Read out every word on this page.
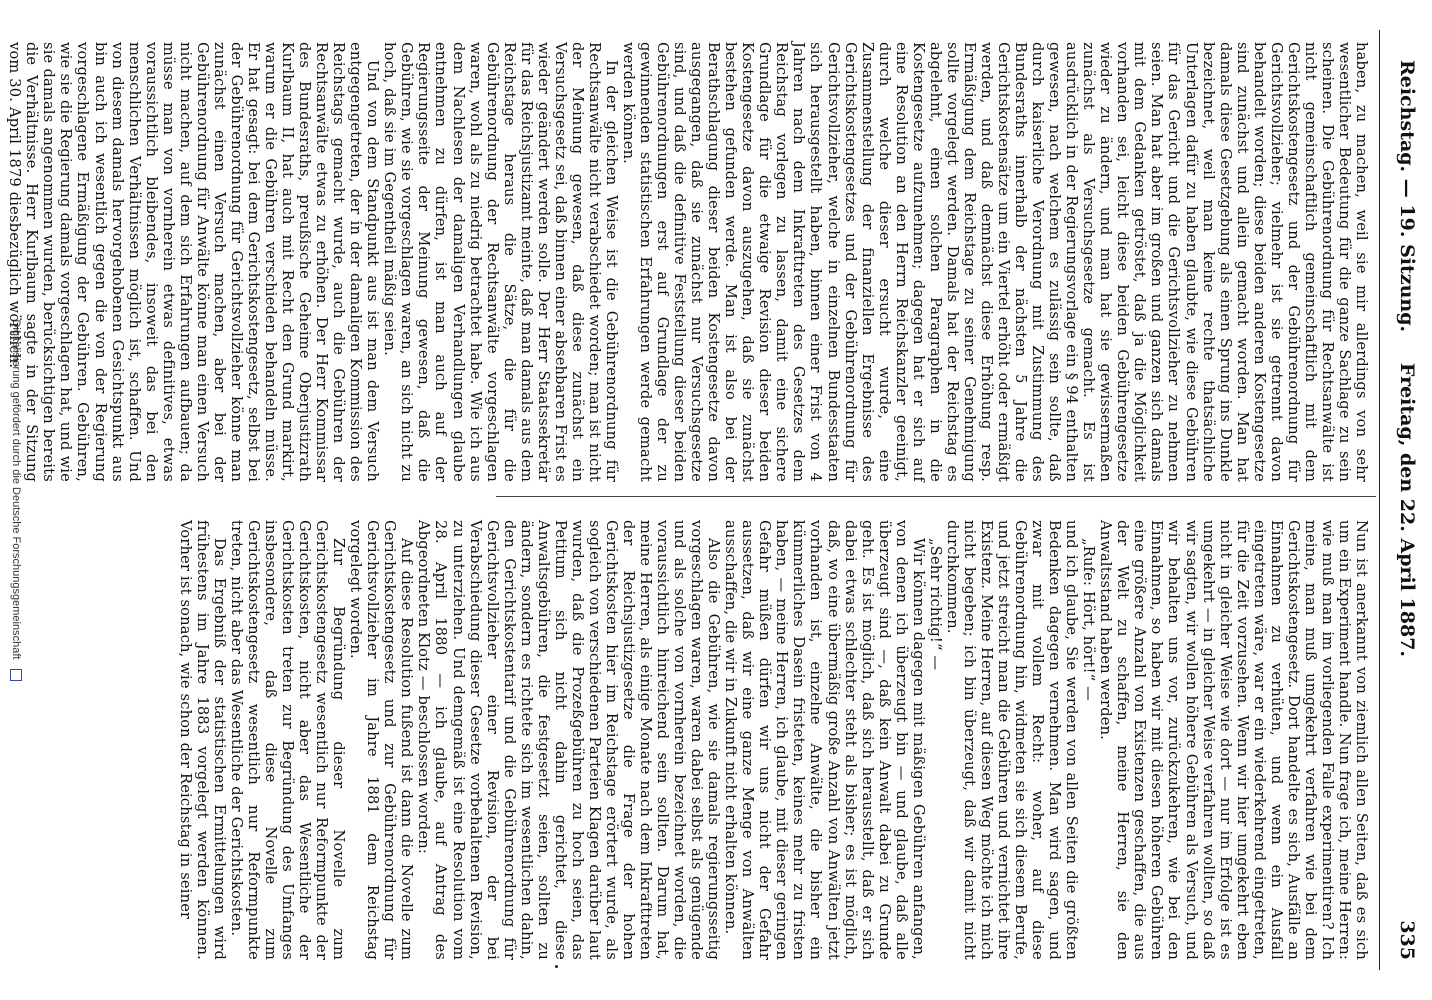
Reichstag. — 19. Sitzung.
Freitag, den 22. April 1887.
335

haben, zu machen, weil sie mir allerdings von sehr wesentlicher Bedeutung für die ganze Sachlage zu sein scheinen. Die Gebührenordnung für Rechtsanwälte ist nicht gemeinschaftlich gemeinschaftlich mit dem Gerichtskostengesetz und der Gebührenordnung für Gerichtsvollzieher; vielmehr ist sie getrennt davon behandelt worden; diese beiden anderen Kostengesetze sind zunächst und allein gemacht worden. Man hat damals diese Gesetzgebung als einen Sprung ins Dunkle bezeichnet, weil man keine rechte thatsächliche Unterlagen dafür zu haben glaubte, wie diese Gebühren für das Gericht und die Gerichtsvollzieher zu nehmen seien. Man hat aber im großen und ganzen sich damals mit dem Gedanken getröstet, daß ja die Möglichkeit vorhanden sei, leicht diese beiden Gebührengesetze wieder zu ändern, und man hat sie gewissermaßen zunächst als Versuchsgesetze gemacht. Es ist ausdrücklich in der Regierungsvorlage ein § 94 enthalten gewesen, nach welchem es zulässig sein sollte, daß durch kaiserliche Verordnung mit Zustimmung des Bundesraths innerhalb der nächsten 5 Jahre die Gerichtskostensätze um ein Viertel erhöht oder ermäßigt werden, und daß demnächst diese Erhöhung resp. Ermäßigung dem Reichstage zu seiner Genehmigung sollte vorgelegt werden. Damals hat der Reichstag es abgelehnt, einen solchen Paragraphen in die Kostengesetze aufzunehmen; dagegen hat er sich auf eine Resolution an den Herrn Reichskanzler geeinigt, durch welche dieser ersucht wurde, eine Zusammenstellung der finanziellen Ergebnisse des Gerichtskostengesetzes und der Gebührenordnung für Gerichtsvollzieher, welche in einzelnen Bundesstaaten sich herausgestellt haben, binnen einer Frist von 4 Jahren nach dem Inkrafttreten des Gesetzes dem Reichstag vorlegen zu lassen, damit eine sichere Grundlage für die etwaige Revision dieser beiden Kostengesetze davon auszugehen, daß sie zunächst bestehen gefunden werde. Man ist also bei der Berathschlagung dieser beiden Kostengesetze davon ausgegangen, daß sie zunächst nur Versuchsgesetze sind, und daß die definitive Feststellung dieser beiden Gebührenordnungen erst auf Grundlage der zu gewinnenden statistischen Erfahrungen werde gemacht werden können.

In der gleichen Weise ist die Gebührenordnung für Rechtsanwälte nicht verabschiedet worden; man ist nicht der Meinung gewesen, daß diese zunächst ein Versuchsgesetz sei, daß binnen einer absehbaren Frist es wieder geändert werden solle. Der Herr Staatssekretär für das Reichsjustizamt meinte, daß man damals aus dem Reichstage heraus die Sätze, die für die Gebührenordnung der Rechtsanwälte vorgeschlagen waren, wohl als zu niedrig betrachtet habe. Wie ich aus dem Nachlesen der damaligen Verhandlungen glaube entnehmen zu dürfen, ist man auch auf der Regierungsseite der Meinung gewesen, daß die Gebühren, wie sie vorgeschlagen waren, an sich nicht zu hoch, daß sie im Gegentheil mäßig seien.

Und von dem Standpunkt aus ist man dem Versuch entgegengetreten, der in der damaligen Kommission des Reichstags gemacht wurde, auch die Gebühren der Rechtsanwälte etwas zu erhöhen. Der Herr Kommissar des Bundesraths, preußische Geheime Oberjustizrath Kurlbaum II, hat auch mit Recht den Grund markirt, warum er die Gebühren verschieden behandeln müsse. Er hat gesagt: bei dem Gerichtskostengesetz, selbst bei der Gebührenordnung für Gerichtsvollzieher könne man zunächst einen Versuch machen, aber bei der Gebührenordnung für Anwälte könne man einen Versuch nicht machen, auf dem sich Erfahrungen aufbauen; da müsse man von vornherein etwas definitives, etwas voraussichtlich bleibendes, insoweit das bei den menschlichen Verhältnissen möglich ist, schaffen. Und von diesem damals hervorgehobenen Gesichtspunkt aus bin auch ich wesentlich gegen die von der Regierung vorgeschlagene Ermäßigung der Gebühren. Gebühren, wie sie die Regierung damals vorgeschlagen hat, und wie sie damals angenommen wurden, berücksichtigen bereits die Verhältnisse. Herr Kurlbaum sagte in der Sitzung vom 30. April 1879 diesbezüglich wörtlich:

Nun ist anerkannt von ziemlich allen Seiten, daß es sich um ein Experiment handle. Nun frage ich, meine Herren: wie muß man im vorliegenden Falle experimentiren? Ich meine, man muß umgekehrt verfahren wie bei dem Gerichtskostengesetz. Dort handelte es sich, Ausfälle an Einnahmen zu verhüten, und wenn ein Ausfall eingetreten wäre, war er ein wiederkehrend eingetreten, für die Zeit vorzusehen. Wenn wir hier umgekehrt eben nicht in gleicher Weise wie dort — nur im Erfolge ist es umgekehrt — in gleicher Weise verfahren wollten, so daß wir sagten, wir wollen höhere Gebühren als Versuch, und wir behalten uns vor, zurückzukehren, wie bei den Einnahmen, so haben wir mit diesen höheren Gebühren eine größere Anzahl von Existenzen geschaffen, die aus der Welt zu schaffen, meine Herren, sie den Anwaltsstand haben werden.

„Rufe: Hört, hört!“ —

und ich glaube, Sie werden von allen Seiten die größten Bedenken dagegen vernehmen. Man wird sagen, und zwar mit vollem Recht: woher, auf diese Gebührenordnung hin, widmeten sie sich diesem Berufe, und jetzt streicht man die Gebühren und vernichtet ihre Existenz. Meine Herren, auf diesen Weg möchte ich mich nicht begeben; ich bin überzeugt, daß wir damit nicht durchkommen.

„Sehr richtig!“ —

Wir können dagegen mit mäßigen Gebühren anfangen, von denen ich überzeugt bin — und glaube, daß alle überzeugt sind —, daß kein Anwalt dabei zu Grunde geht. Es ist möglich, daß sich herausstellt, daß er sich dabei etwas schlechter steht als bisher; es ist möglich, daß, wo eine übermäßig große Anzahl von Anwälten jetzt vorhanden ist, einzelne Anwälte, die bisher ein kümmerliches Dasein fristeten, keines mehr zu fristen haben, — meine Herren, ich glaube, mit dieser geringen Gefahr müßen dürfen wir uns nicht der Gefahr aussetzen, daß wir eine ganze Menge von Anwälten ausschaffen, die wir in Zukunft nicht erhalten können.

Also die Gebühren, wie sie damals regierungsseitig vorgeschlagen waren, waren dabei selbst als genügende und als solche von vornherein bezeichnet worden, die voraussichtlich hinreichend sein sollten. Darum hat, meine Herren, als einige Monate nach dem Inkrafttreten der Reichsjustizgesetze die Frage der hohen Gerichtskosten hier im Reichstage erörtert wurde, als sogleich von verschiedenen Parteien Klagen darüber laut wurden, daß die Prozeßgebühren zu hoch seien, das Petitum sich nicht dahin gerichtet, diese Anwaltsgebühren, die festgesetzt seien, sollten zu ändern, sondern es richtete sich im wesentlichen dahin, den Gerichtskostentarif und die Gebührenordnung für Gerichtsvollzieher einer Revision, der bei Verabschiedung dieser Gesetze vorbehaltenen Revision, zu unterziehen. Und demgemäß ist eine Resolution vom 28. April 1880 — ich glaube, auf Antrag des Abgeordneten Klotz — beschlossen worden:

Auf diese Resolution fußend ist dann die Novelle zum Gerichtskostengesetz und zur Gebührenordnung für Gerichtsvollzieher im Jahre 1881 dem Reichstag vorgelegt worden.

Zur Begründung dieser Novelle zum Gerichtskostengesetz wesentlich nur Reformpunkte der Gerichtskosten, nicht aber das Wesentliche der Gerichtskosten treten zur Begründung des Umfanges insbesondere, daß diese Novelle zum Gerichtskostengesetz wesentlich nur Reformpunkte treten, nicht aber das Wesentliche der Gerichtskosten.

Das Ergebniß der statistischen Ermittelungen wird frühestens im Jahre 1883 vorgelegt werden können. Vorher ist sonach, wie schon der Reichstag in seiner

Digitalisierung gefördert durch die Deutsche Forschungsgemeinschaft
